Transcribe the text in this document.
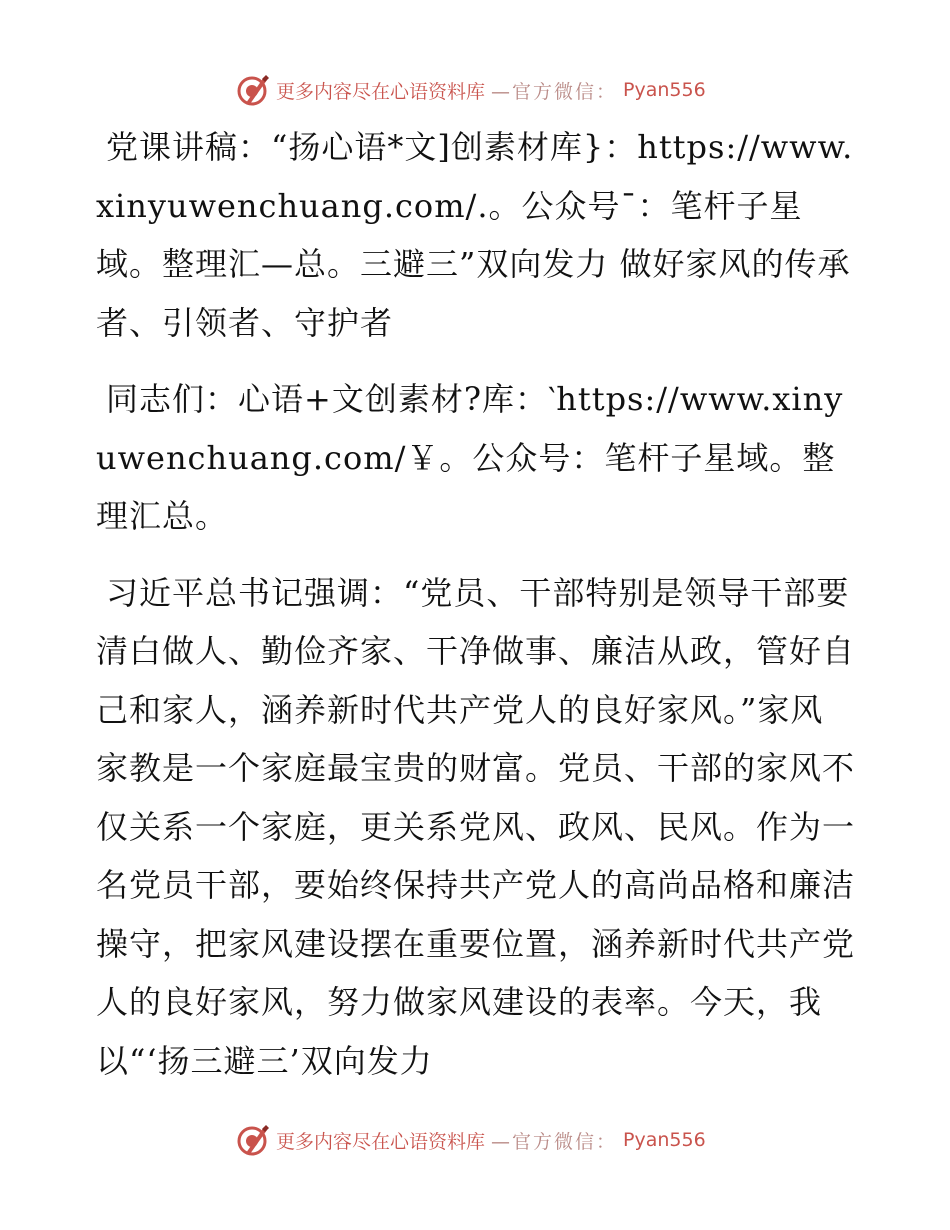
更多内容尽在心语资料库 —官方微信： Pyan556

党课讲稿：“扬心语*文]创素材库}：https://www.xinyuwenchuang.com/.。公众号¯：笔杆子星域。整理汇—总。三避三”双向发力 做好家风的传承者、引领者、守护者

同志们：心语+文创素材?库：‵https://www.xinyuwenchuang.com/￥。公众号：笔杆子星域。整理汇总。

习近平总书记强调：“党员、干部特别是领导干部要清白做人、勤俭齐家、干净做事、廉洁从政，管好自己和家人，涵养新时代共产党人的良好家风。”家风家教是一个家庭最宝贵的财富。党员、干部的家风不仅关系一个家庭，更关系党风、政风、民风。作为一名党员干部，要始终保持共产党人的高尚品格和廉洁操守，把家风建设摆在重要位置，涵养新时代共产党人的良好家风，努力做家风建设的表率。今天，我以“‘扬三避三’双向发力

更多内容尽在心语资料库 —官方微信： Pyan556
